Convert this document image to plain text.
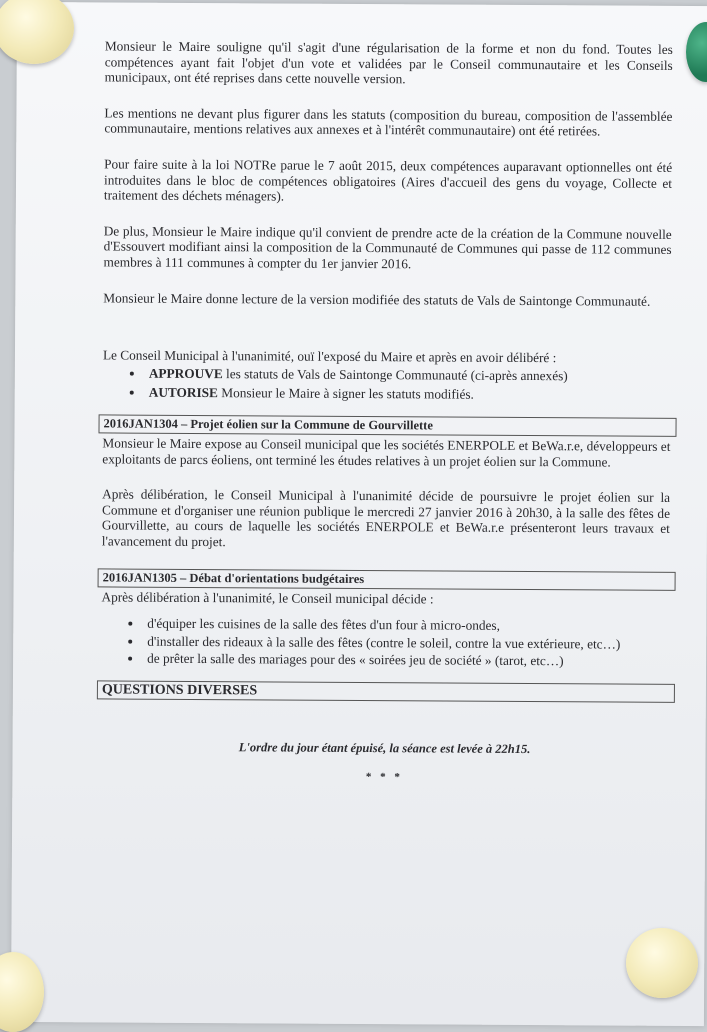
Monsieur le Maire souligne qu'il s'agit d'une régularisation de la forme et non du fond. Toutes les compétences ayant fait l'objet d'un vote et validées par le Conseil communautaire et les Conseils municipaux, ont été reprises dans cette nouvelle version.

Les mentions ne devant plus figurer dans les statuts (composition du bureau, composition de l'assemblée communautaire, mentions relatives aux annexes et à l'intérêt communautaire) ont été retirées.

Pour faire suite à la loi NOTRe parue le 7 août 2015, deux compétences auparavant optionnelles ont été introduites dans le bloc de compétences obligatoires (Aires d'accueil des gens du voyage, Collecte et traitement des déchets ménagers).

De plus, Monsieur le Maire indique qu'il convient de prendre acte de la création de la Commune nouvelle d'Essouvert modifiant ainsi la composition de la Communauté de Communes qui passe de 112 communes membres à 111 communes à compter du 1er janvier 2016.

Monsieur le Maire donne lecture de la version modifiée des statuts de Vals de Saintonge Communauté.

Le Conseil Municipal à l'unanimité, ouï l'exposé du Maire et après en avoir délibéré :

• APPROUVE les statuts de Vals de Saintonge Communauté (ci-après annexés)
• AUTORISE Monsieur le Maire à signer les statuts modifiés.
2016JAN1304 – Projet éolien sur la Commune de Gourvillette

Monsieur le Maire expose au Conseil municipal que les sociétés ENERPOLE et BeWa.r.e, développeurs et exploitants de parcs éoliens, ont terminé les études relatives à un projet éolien sur la Commune.

Après délibération, le Conseil Municipal à l'unanimité décide de poursuivre le projet éolien sur la Commune et d'organiser une réunion publique le mercredi 27 janvier 2016 à 20h30, à la salle des fêtes de Gourvillette, au cours de laquelle les sociétés ENERPOLE et BeWa.r.e présenteront leurs travaux et l'avancement du projet.

2016JAN1305 – Débat d'orientations budgétaires

Après délibération à l'unanimité, le Conseil municipal décide :

• d'équiper les cuisines de la salle des fêtes d'un four à micro-ondes,
• d'installer des rideaux à la salle des fêtes (contre le soleil, contre la vue extérieure, etc…)
• de prêter la salle des mariages pour des « soirées jeu de société » (tarot, etc…)
QUESTIONS DIVERSES
L'ordre du jour étant épuisé, la séance est levée à 22h15.
* * *
